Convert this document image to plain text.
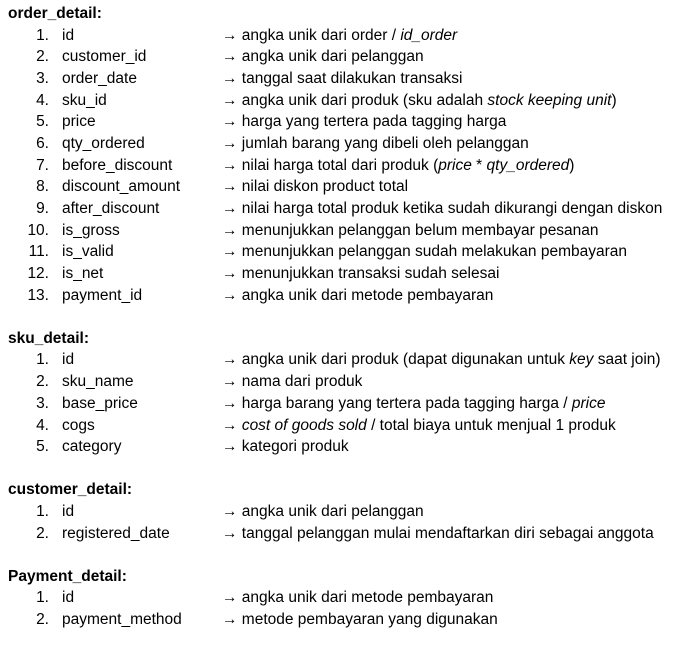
order_detail:
1. id	→ angka unik dari order / id_order
2. customer_id	→ angka unik dari pelanggan
3. order_date	→ tanggal saat dilakukan transaksi
4. sku_id	→ angka unik dari produk (sku adalah stock keeping unit)
5. price	→ harga yang tertera pada tagging harga
6. qty_ordered	→ jumlah barang yang dibeli oleh pelanggan
7. before_discount	→ nilai harga total dari produk (price * qty_ordered)
8. discount_amount	→ nilai diskon product total
9. after_discount	→ nilai harga total produk ketika sudah dikurangi dengan diskon
10. is_gross	→ menunjukkan pelanggan belum membayar pesanan
11. is_valid	→ menunjukkan pelanggan sudah melakukan pembayaran
12. is_net	→ menunjukkan transaksi sudah selesai
13. payment_id	→ angka unik dari metode pembayaran
sku_detail:
1. id	→ angka unik dari produk (dapat digunakan untuk key saat join)
2. sku_name	→ nama dari produk
3. base_price	→ harga barang yang tertera pada tagging harga / price
4. cogs	→ cost of goods sold / total biaya untuk menjual 1 produk
5. category	→ kategori produk
customer_detail:
1. id	→ angka unik dari pelanggan
2. registered_date	→ tanggal pelanggan mulai mendaftarkan diri sebagai anggota
Payment_detail:
1. id	→ angka unik dari metode pembayaran
2. payment_method	→ metode pembayaran yang digunakan
